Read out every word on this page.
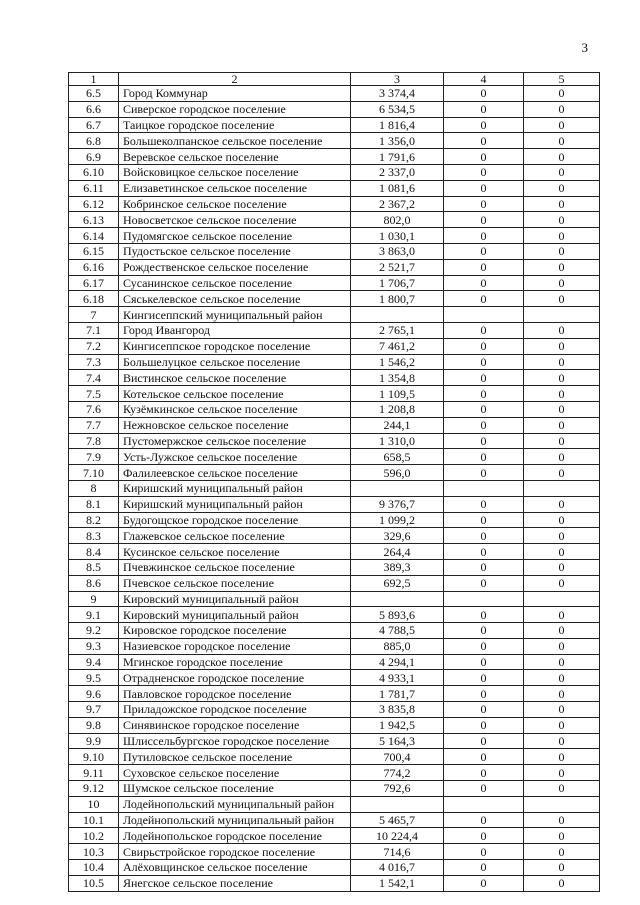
3
1	2	3	4	5
6.5	Город Коммунар	3 374,4	0	0
6.6	Сиверское городское поселение	6 534,5	0	0
6.7	Таицкое городское поселение	1 816,4	0	0
6.8	Большеколпанское сельское поселение	1 356,0	0	0
6.9	Веревское сельское поселение	1 791,6	0	0
6.10	Войсковицкое сельское поселение	2 337,0	0	0
6.11	Елизаветинское сельское поселение	1 081,6	0	0
6.12	Кобринское сельское поселение	2 367,2	0	0
6.13	Новосветское сельское поселение	802,0	0	0
6.14	Пудомягское сельское поселение	1 030,1	0	0
6.15	Пудостьское сельское поселение	3 863,0	0	0
6.16	Рождественское сельское поселение	2 521,7	0	0
6.17	Сусанинское сельское поселение	1 706,7	0	0
6.18	Сяськелевское сельское поселение	1 800,7	0	0
7	Кингисеппский муниципальный район			
7.1	Город Ивангород	2 765,1	0	0
7.2	Кингисеппское городское поселение	7 461,2	0	0
7.3	Большелуцкое сельское поселение	1 546,2	0	0
7.4	Вистинское сельское поселение	1 354,8	0	0
7.5	Котельское сельское поселение	1 109,5	0	0
7.6	Кузёмкинское сельское поселение	1 208,8	0	0
7.7	Нежновское сельское поселение	244,1	0	0
7.8	Пустомержское сельское поселение	1 310,0	0	0
7.9	Усть-Лужское сельское поселение	658,5	0	0
7.10	Фалилеевское сельское поселение	596,0	0	0
8	Киришский муниципальный район			
8.1	Киришский муниципальный район	9 376,7	0	0
8.2	Будогощское городское поселение	1 099,2	0	0
8.3	Глажевское сельское поселение	329,6	0	0
8.4	Кусинское сельское поселение	264,4	0	0
8.5	Пчевжинское сельское поселение	389,3	0	0
8.6	Пчевское сельское поселение	692,5	0	0
9	Кировский муниципальный район			
9.1	Кировский муниципальный район	5 893,6	0	0
9.2	Кировское городское поселение	4 788,5	0	0
9.3	Назиевское городское поселение	885,0	0	0
9.4	Мгинское городское поселение	4 294,1	0	0
9.5	Отрадненское городское поселение	4 933,1	0	0
9.6	Павловское городское поселение	1 781,7	0	0
9.7	Приладожское городское поселение	3 835,8	0	0
9.8	Синявинское городское поселение	1 942,5	0	0
9.9	Шлиссельбургское городское поселение	5 164,3	0	0
9.10	Путиловское сельское поселение	700,4	0	0
9.11	Суховское сельское поселение	774,2	0	0
9.12	Шумское сельское поселение	792,6	0	0
10	Лодейнопольский муниципальный район			
10.1	Лодейнопольский муниципальный район	5 465,7	0	0
10.2	Лодейнопольское городское поселение	10 224,4	0	0
10.3	Свирьстройское городское поселение	714,6	0	0
10.4	Алёховщинское сельское поселение	4 016,7	0	0
10.5	Янегское сельское поселение	1 542,1	0	0
